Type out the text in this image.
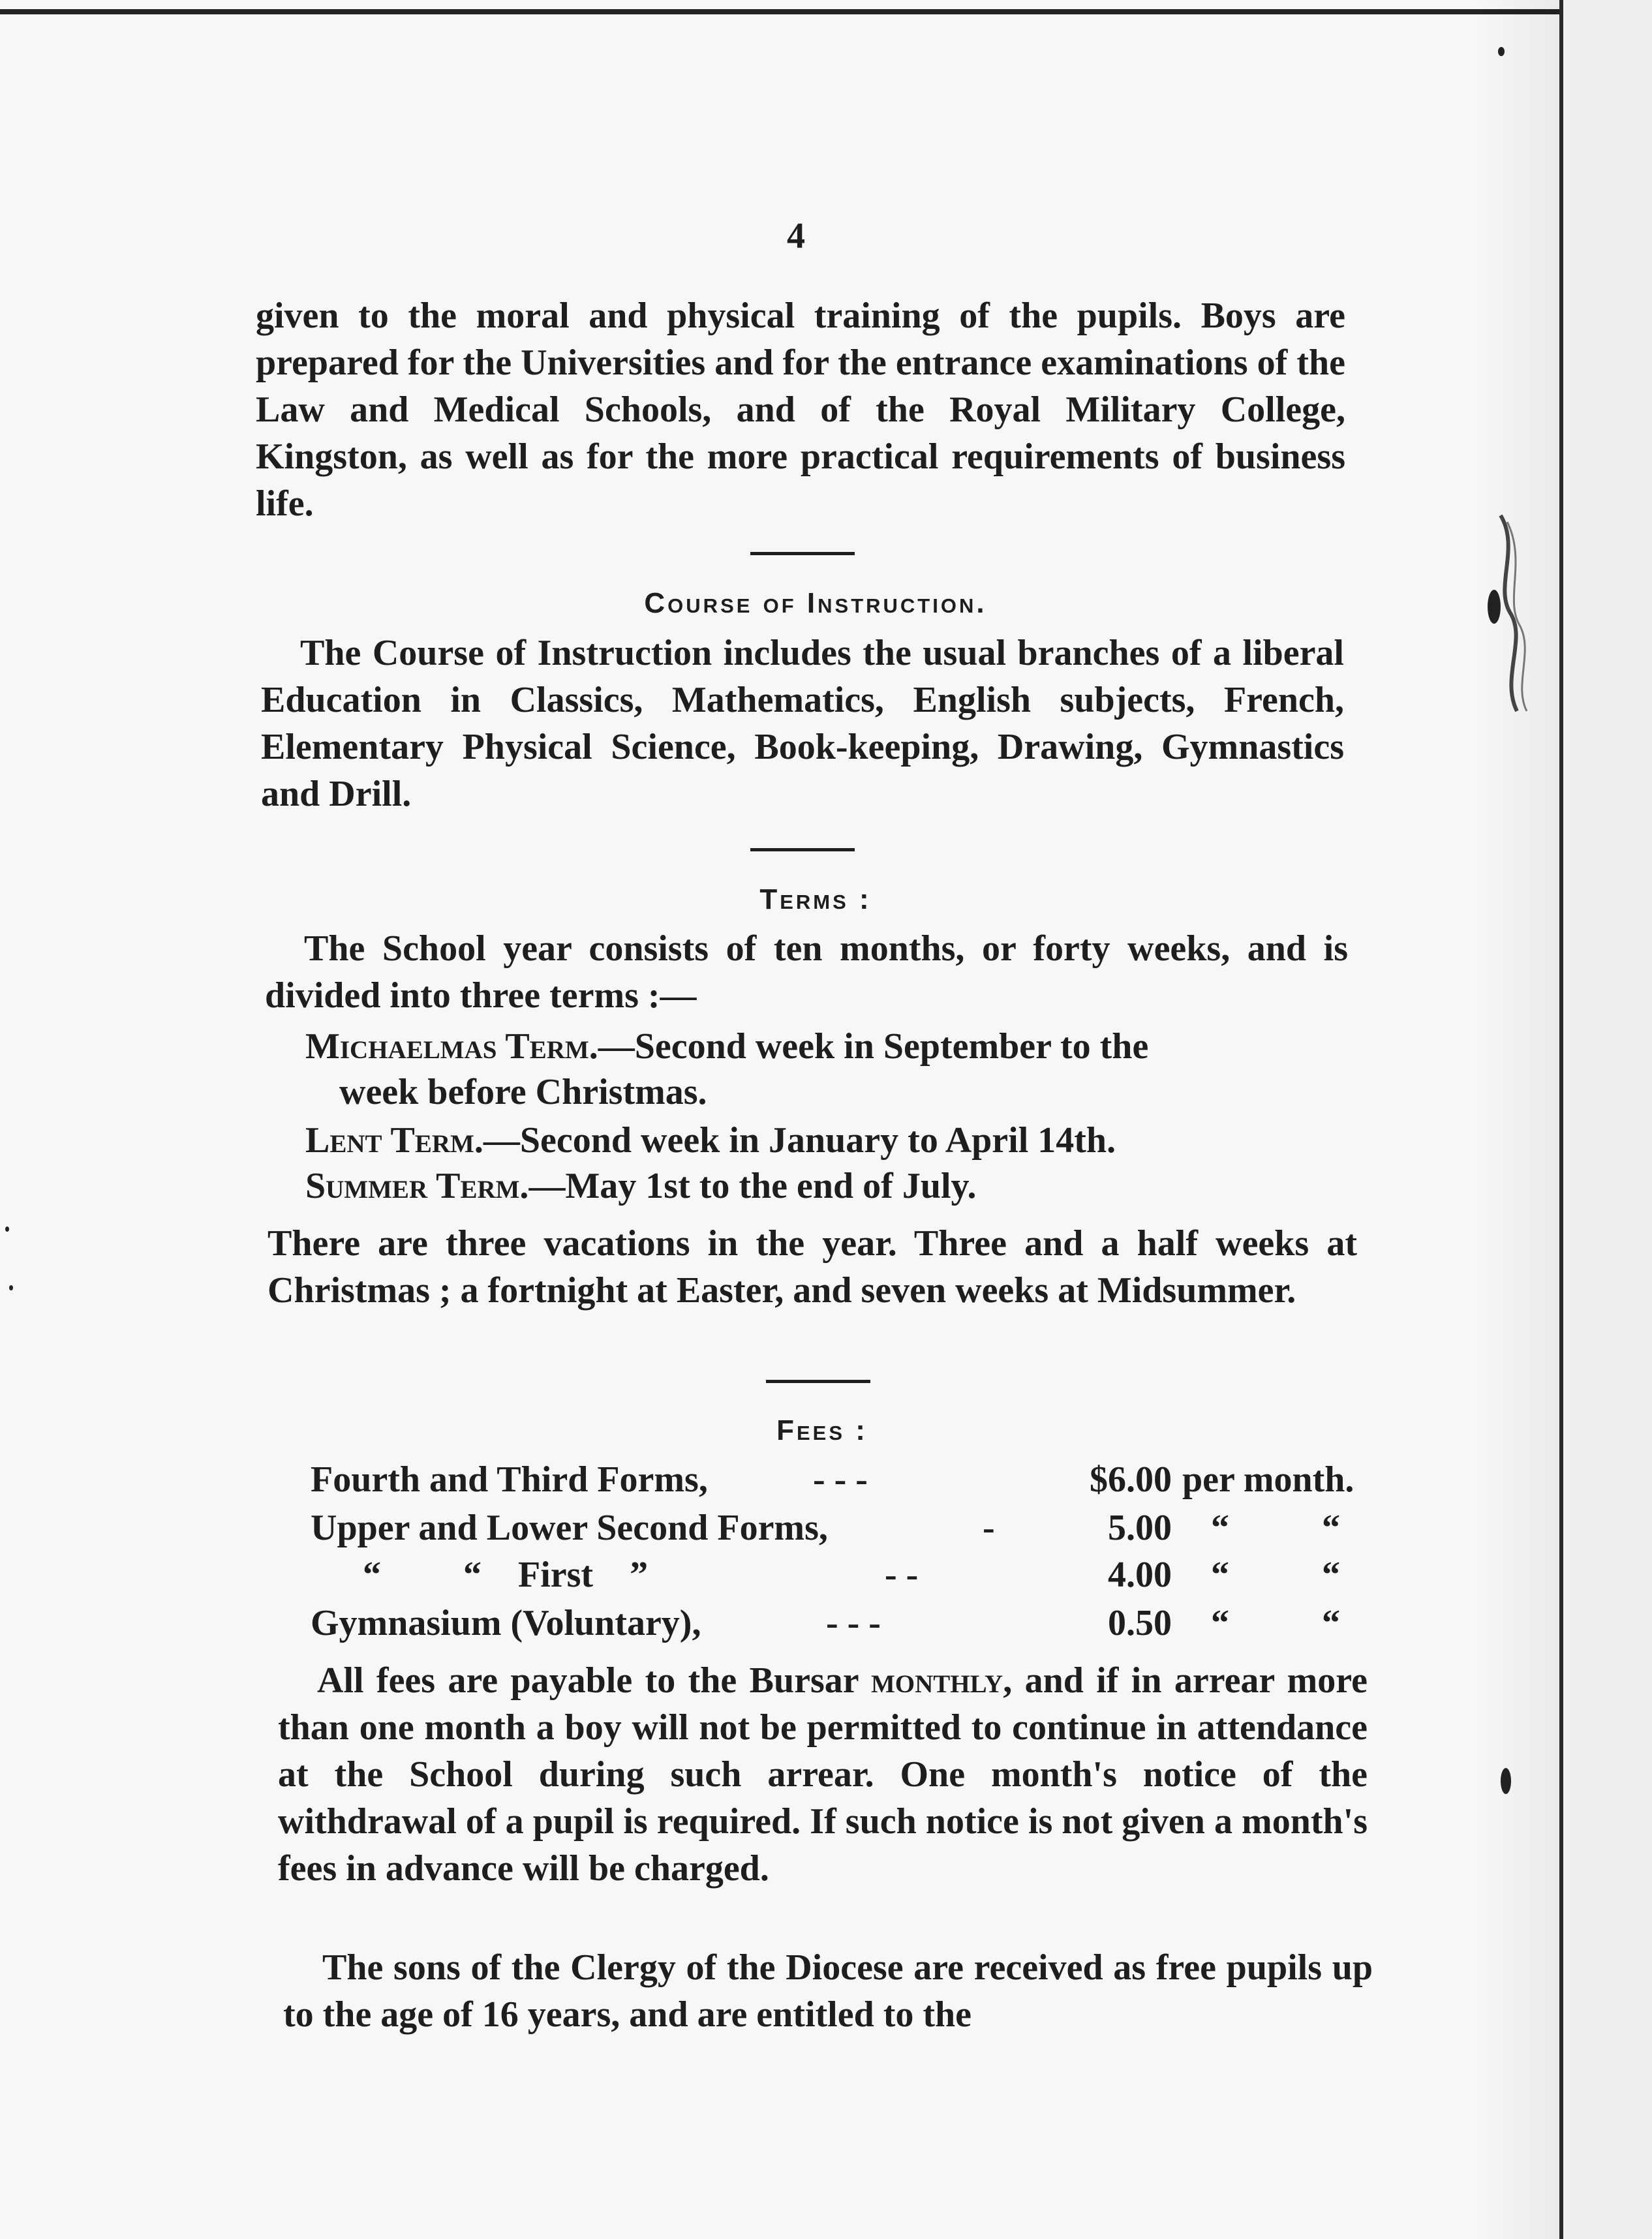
4

given to the moral and physical training of the pupils. Boys are prepared for the Universities and for the entrance examinations of the Law and Medical Schools, and of the Royal Military College, Kingston, as well as for the more practical requirements of business life.

Course of Instruction.

The Course of Instruction includes the usual branches of a liberal Education in Classics, Mathematics, English subjects, French, Elementary Physical Science, Book-keeping, Drawing, Gymnastics and Drill.

Terms :

The School year consists of ten months, or forty weeks, and is divided into three terms :—

Michaelmas Term.—Second week in September to the
week before Christmas.
Lent Term.—Second week in January to April 14th.
Summer Term.—May 1st to the end of July.

There are three vacations in the year. Three and a half weeks at Christmas ; a fortnight at Easter, and seven weeks at Midsummer.

Fees :
Fourth and Third Forms,	- - -	$6.00 per month.
Upper and Lower Second Forms,	-	5.00 “	“
“         “    First    ”	- -	4.00 “	“
Gymnasium (Voluntary),	- - -	0.50 “	“

All fees are payable to the Bursar monthly, and if in arrear more than one month a boy will not be permitted to continue in attendance at the School during such arrear. One month's notice of the withdrawal of a pupil is required. If such notice is not given a month's fees in advance will be charged.

The sons of the Clergy of the Diocese are received as free pupils up to the age of 16 years, and are entitled to the
